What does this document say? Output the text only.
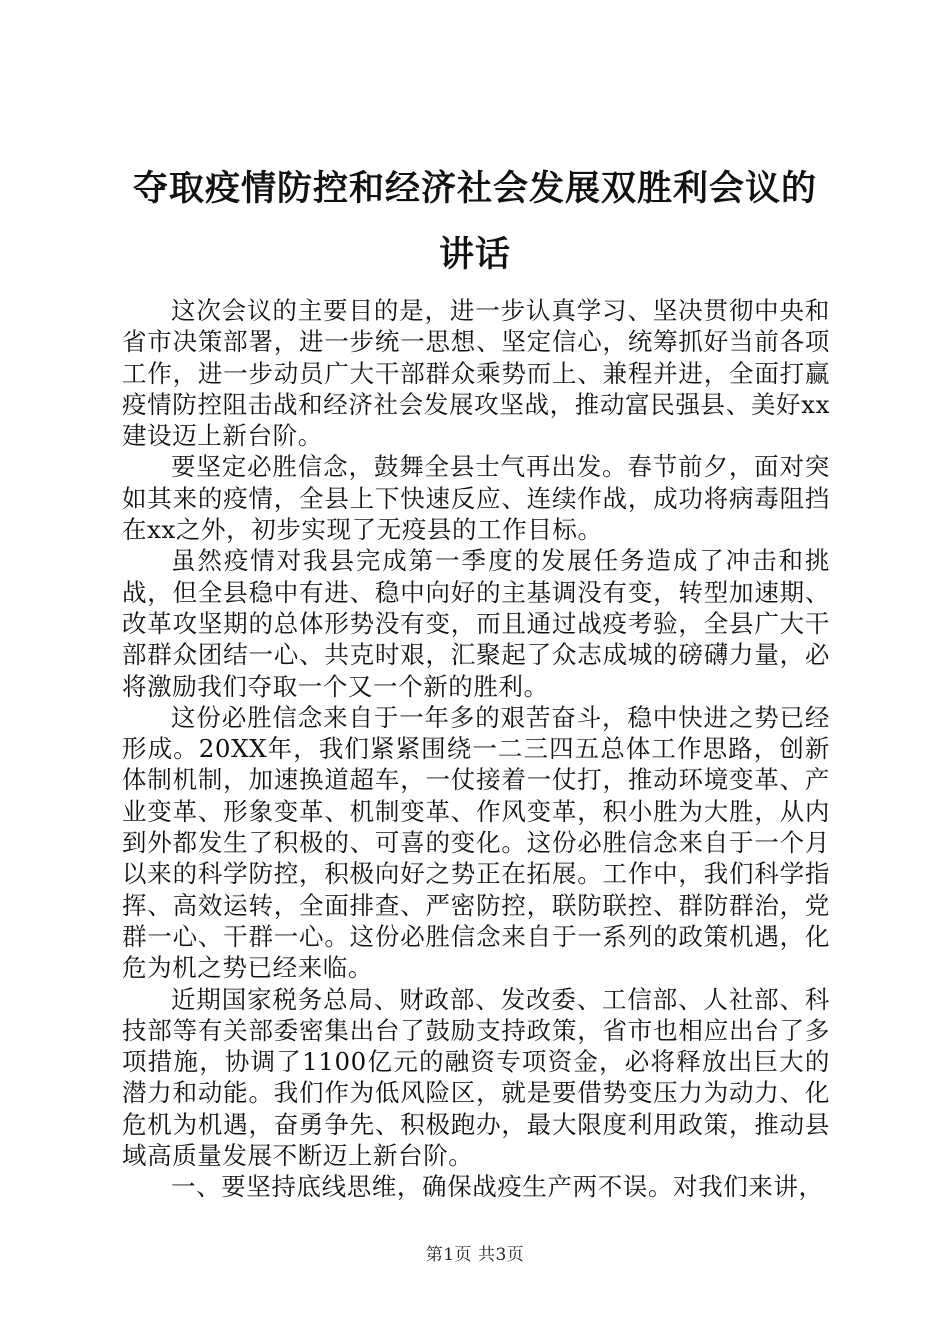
夺取疫情防控和经济社会发展双胜利会议的讲话

这次会议的主要目的是，进一步认真学习、坚决贯彻中央和省市决策部署，进一步统一思想、坚定信心，统筹抓好当前各项工作，进一步动员广大干部群众乘势而上、兼程并进，全面打赢疫情防控阻击战和经济社会发展攻坚战，推动富民强县、美好xx建设迈上新台阶。

要坚定必胜信念，鼓舞全县士气再出发。春节前夕，面对突如其来的疫情，全县上下快速反应、连续作战，成功将病毒阻挡在xx之外，初步实现了无疫县的工作目标。

虽然疫情对我县完成第一季度的发展任务造成了冲击和挑战，但全县稳中有进、稳中向好的主基调没有变，转型加速期、改革攻坚期的总体形势没有变，而且通过战疫考验，全县广大干部群众团结一心、共克时艰，汇聚起了众志成城的磅礴力量，必将激励我们夺取一个又一个新的胜利。

这份必胜信念来自于一年多的艰苦奋斗，稳中快进之势已经形成。20XX年，我们紧紧围绕一二三四五总体工作思路，创新体制机制，加速换道超车，一仗接着一仗打，推动环境变革、产业变革、形象变革、机制变革、作风变革，积小胜为大胜，从内到外都发生了积极的、可喜的变化。这份必胜信念来自于一个月以来的科学防控，积极向好之势正在拓展。工作中，我们科学指挥、高效运转，全面排查、严密防控，联防联控、群防群治，党群一心、干群一心。这份必胜信念来自于一系列的政策机遇，化危为机之势已经来临。

近期国家税务总局、财政部、发改委、工信部、人社部、科技部等有关部委密集出台了鼓励支持政策，省市也相应出台了多项措施，协调了1100亿元的融资专项资金，必将释放出巨大的潜力和动能。我们作为低风险区，就是要借势变压力为动力、化危机为机遇，奋勇争先、积极跑办，最大限度利用政策，推动县域高质量发展不断迈上新台阶。

一、要坚持底线思维，确保战疫生产两不误。对我们来讲，

第1页 共3页
